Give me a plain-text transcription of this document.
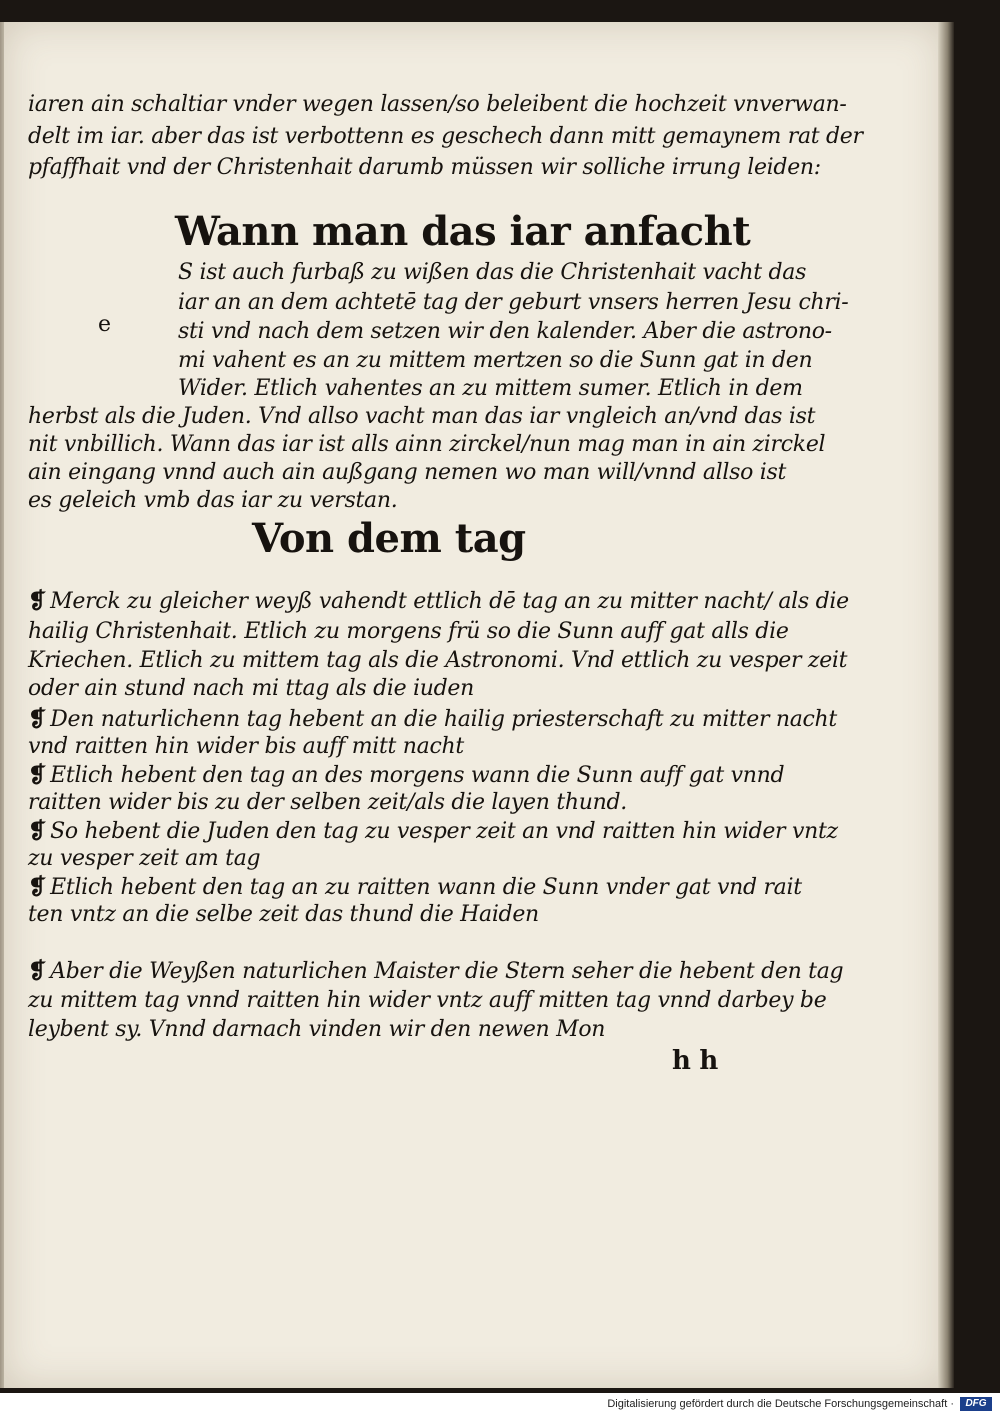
iaren ain schaltiar vnder wegen lassen/so beleibent die hochzeit vnverwan-
delt im iar. aber das ist verbottenn es geschech dann mitt gemaynem rat der
pfaffhait vnd der Christenhait darumb müssen wir solliche irrung leiden:
Wann man das iar anfacht
e
S ist auch furbaß zu wißen das die Christenhait vacht das
iar an an dem achtetē tag der geburt vnsers herren Jesu chri-
sti vnd nach dem setzen wir den kalender. Aber die astrono-
mi vahent es an zu mittem mertzen so die Sunn gat in den
Wider. Etlich vahentes an zu mittem sumer. Etlich in dem
herbst als die Juden. Vnd allso vacht man das iar vngleich an/vnd das ist
nit vnbillich. Wann das iar ist alls ainn zirckel/nun mag man in ain zirckel
ain eingang vnnd auch ain außgang nemen wo man will/vnnd allso ist
es geleich vmb das iar zu verstan.
Von dem tag
❡ Merck zu gleicher weyß vahendt ettlich dē tag an zu mitter nacht/ als die
hailig Christenhait. Etlich zu morgens frü so die Sunn auff gat alls die
Kriechen. Etlich zu mittem tag als die Astronomi. Vnd ettlich zu vesper zeit
oder ain stund nach mi ttag als die iuden
❡ Den naturlichenn tag hebent an die hailig priesterschaft zu mitter nacht
vnd raitten hin wider bis auff mitt nacht
❡ Etlich hebent den tag an des morgens wann die Sunn auff gat vnnd
raitten wider bis zu der selben zeit/als die layen thund.
❡ So hebent die Juden den tag zu vesper zeit an vnd raitten hin wider vntz
zu vesper zeit am tag
❡ Etlich hebent den tag an zu raitten wann die Sunn vnder gat vnd rait
ten vntz an die selbe zeit das thund die Haiden
❡ Aber die Weyßen naturlichen Maister die Stern seher die hebent den tag
zu mittem tag vnnd raitten hin wider vntz auff mitten tag vnnd darbey be
leybent sy. Vnnd darnach vinden wir den newen Mon
h h
Digitalisierung gefördert durch die Deutsche Forschungsgemeinschaft ·	DFG
